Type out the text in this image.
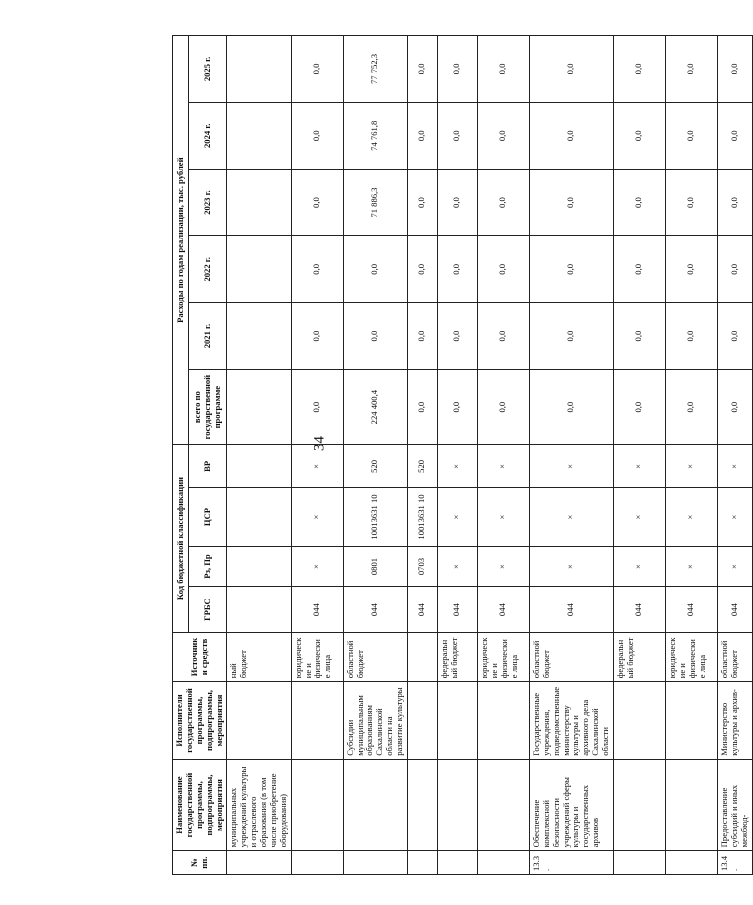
34
№ пп.	Наименование государственной программы, подпрограммы, мероприятия	Исполнители государственной программы, подпрограммы, мероприятия	Источники средств	Код бюджетной классификации				Расходы по годам реализации, тыс. рублей					
				ГРБС	Рз, Пр	ЦСР	ВР	всего по государственной программе	2021 г.	2022 г.	2023 г.	2024 г.	2025 г.
	муниципальных учреждений культуры и отраслевого образования (в том числе приобретение оборудования)		ный бюджет										
			юридические и физические лица	044	×	×	×	0,0	0,0	0,0	0,0	0,0	0,0
		Субсидии муниципальным образованиям Сахалинской области на развитие культуры	областной бюджет	044	0801	10013631 10	520	224 400,4	0,0	0,0	71 886,3	74 761,8	77 752,3
				044	0703	10013631 10	520	0,0	0,0	0,0	0,0	0,0	0,0
			федеральный бюджет	044	×	×	×	0,0	0,0	0,0	0,0	0,0	0,0
			юридические и физические лица	044	×	×	×	0,0	0,0	0,0	0,0	0,0	0,0
13.3.	Обеспечение комплексной безопасности учреждений сферы культуры и государственных архивов	Государственные учреждения, подведомственные министерству культуры и архивного дела Сахалинской области	областной бюджет	044	×	×	×	0,0	0,0	0,0	0,0	0,0	0,0
			федеральный бюджет	044	×	×	×	0,0	0,0	0,0	0,0	0,0	0,0
			юридические и физические лица	044	×	×	×	0,0	0,0	0,0	0,0	0,0	0,0
13.4.	Предоставление субсидий и иных межбюд-	Министерство культуры и архив-	областной бюджет	044	×	×	×	0,0	0,0	0,0	0,0	0,0	0,0
